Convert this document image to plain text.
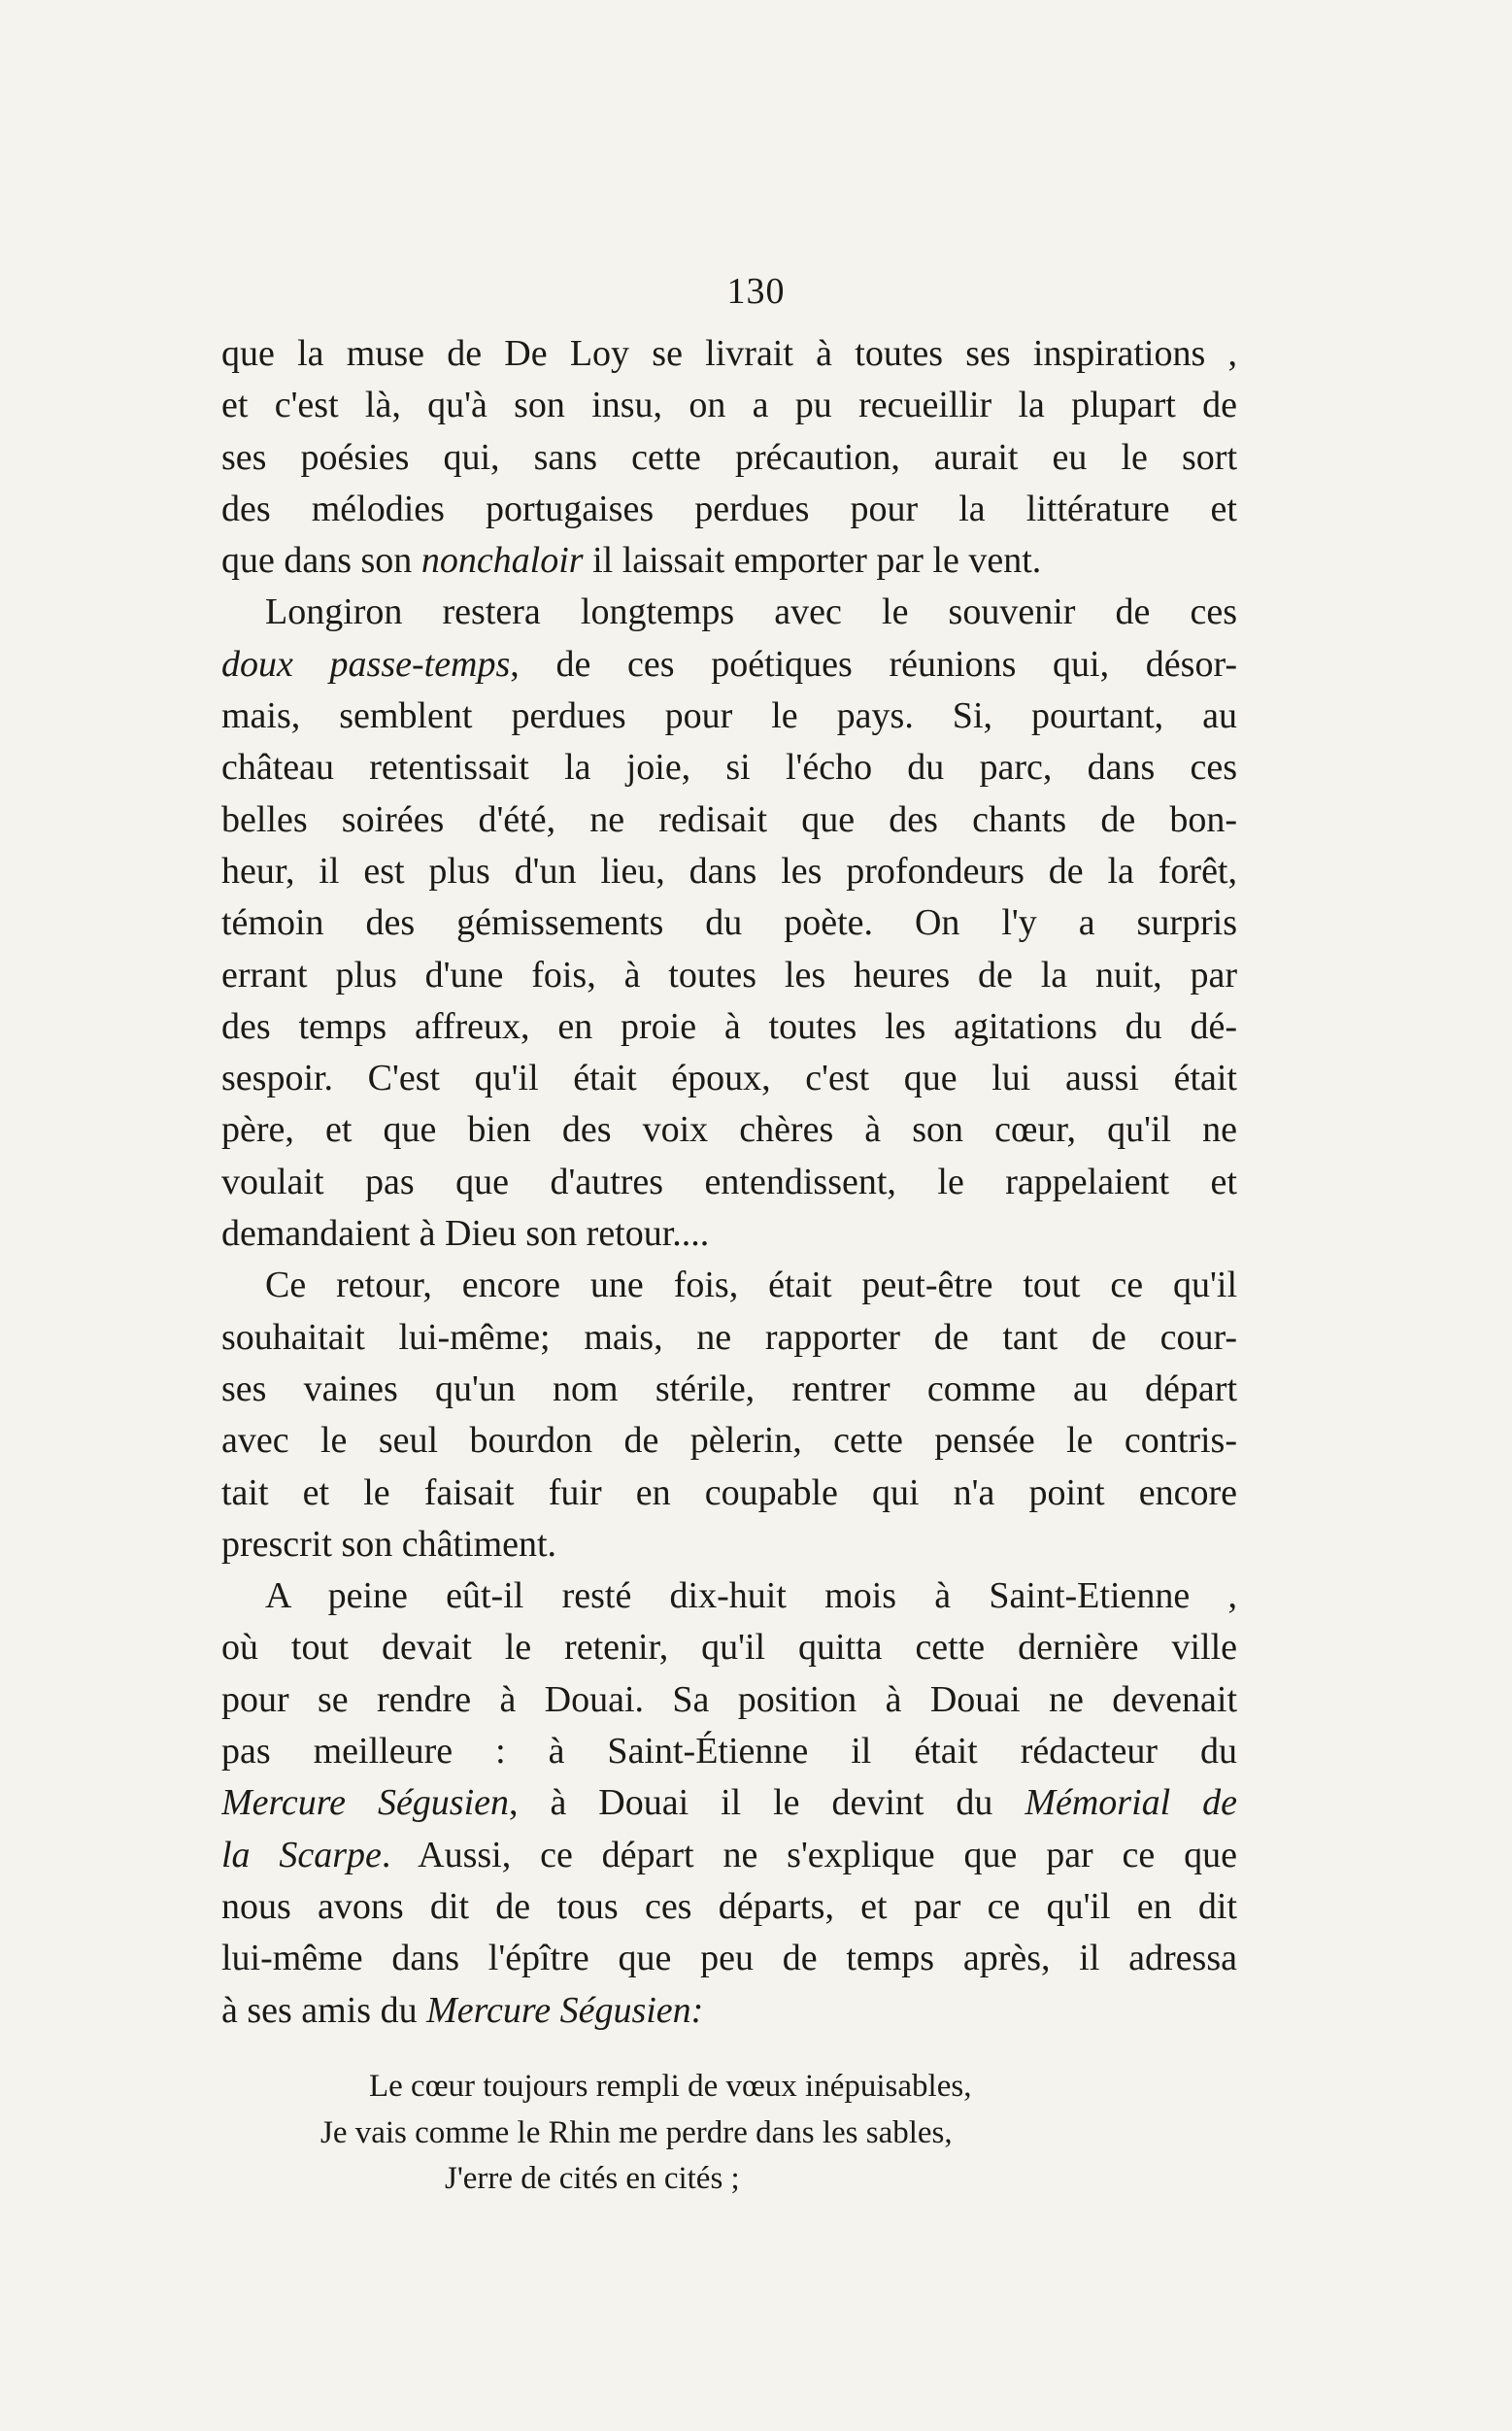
130
que la muse de De Loy se livrait à toutes ses inspirations ,
et c'est là, qu'à son insu, on a pu recueillir la plupart de
ses poésies qui, sans cette précaution, aurait eu le sort
des mélodies portugaises perdues pour la littérature et
que dans son nonchaloir il laissait emporter par le vent.
Longiron restera longtemps avec le souvenir de ces
doux passe-temps, de ces poétiques réunions qui, désor-
mais, semblent perdues pour le pays. Si, pourtant, au
château retentissait la joie, si l'écho du parc, dans ces
belles soirées d'été, ne redisait que des chants de bon-
heur, il est plus d'un lieu, dans les profondeurs de la forêt,
témoin des gémissements du poète. On l'y a surpris
errant plus d'une fois, à toutes les heures de la nuit, par
des temps affreux, en proie à toutes les agitations du dé-
sespoir. C'est qu'il était époux, c'est que lui aussi était
père, et que bien des voix chères à son cœur, qu'il ne
voulait pas que d'autres entendissent, le rappelaient et
demandaient à Dieu son retour....
Ce retour, encore une fois, était peut-être tout ce qu'il
souhaitait lui-même; mais, ne rapporter de tant de cour-
ses vaines qu'un nom stérile, rentrer comme au départ
avec le seul bourdon de pèlerin, cette pensée le contris-
tait et le faisait fuir en coupable qui n'a point encore
prescrit son châtiment.
A peine eût-il resté dix-huit mois à Saint-Etienne ,
où tout devait le retenir, qu'il quitta cette dernière ville
pour se rendre à Douai. Sa position à Douai ne devenait
pas meilleure : à Saint-Étienne il était rédacteur du
Mercure Ségusien, à Douai il le devint du Mémorial de
la Scarpe. Aussi, ce départ ne s'explique que par ce que
nous avons dit de tous ces départs, et par ce qu'il en dit
lui-même dans l'épître que peu de temps après, il adressa
à ses amis du Mercure Ségusien:
Le cœur toujours rempli de vœux inépuisables,
Je vais comme le Rhin me perdre dans les sables,
J'erre de cités en cités ;
